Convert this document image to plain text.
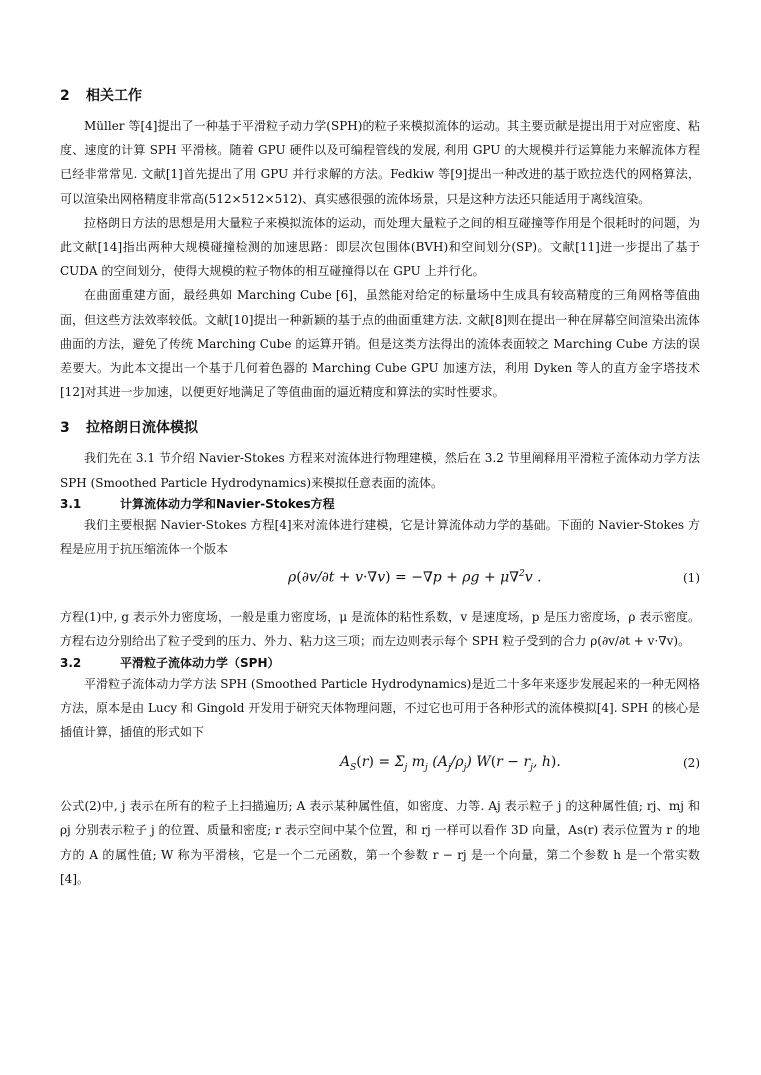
2	相关工作

Müller 等[4]提出了一种基于平滑粒子动力学(SPH)的粒子来模拟流体的运动。其主要贡献是提出用于对应密度、粘度、速度的计算 SPH 平滑核。随着 GPU 硬件以及可编程管线的发展, 利用 GPU 的大规模并行运算能力来解流体方程已经非常常见. 文献[1]首先提出了用 GPU 并行求解的方法。Fedkiw 等[9]提出一种改进的基于欧拉迭代的网格算法，可以渲染出网格精度非常高(512×512×512)、真实感很强的流体场景，只是这种方法还只能适用于离线渲染。

拉格朗日方法的思想是用大量粒子来模拟流体的运动，而处理大量粒子之间的相互碰撞等作用是个很耗时的问题，为此文献[14]指出两种大规模碰撞检测的加速思路：即层次包围体(BVH)和空间划分(SP)。文献[11]进一步提出了基于 CUDA 的空间划分，使得大规模的粒子物体的相互碰撞得以在 GPU 上并行化。

在曲面重建方面，最经典如 Marching Cube [6]，虽然能对给定的标量场中生成具有较高精度的三角网格等值曲面，但这些方法效率较低。文献[10]提出一种新颖的基于点的曲面重建方法. 文献[8]则在提出一种在屏幕空间渲染出流体曲面的方法，避免了传统 Marching Cube 的运算开销。但是这类方法得出的流体表面较之 Marching Cube 方法的误差要大。为此本文提出一个基于几何着色器的 Marching Cube GPU 加速方法，利用 Dyken 等人的直方金字塔技术[12]对其进一步加速，以便更好地满足了等值曲面的逼近精度和算法的实时性要求。

3	拉格朗日流体模拟

我们先在 3.1 节介绍 Navier-Stokes 方程来对流体进行物理建模，然后在 3.2 节里阐释用平滑粒子流体动力学方法 SPH (Smoothed Particle Hydrodynamics)来模拟任意表面的流体。

3.1	计算流体动力学和Navier-Stokes方程

我们主要根据 Navier-Stokes 方程[4]来对流体进行建模，它是计算流体动力学的基础。下面的 Navier-Stokes 方程是应用于抗压缩流体一个版本

ρ(∂v/∂t + v·∇v) = −∇p + ρg + μ∇$^2$v .	(1)

方程(1)中, g 表示外力密度场，一般是重力密度场，μ 是流体的粘性系数，v 是速度场，p 是压力密度场，ρ 表示密度。方程右边分别给出了粒子受到的压力、外力、粘力这三项；而左边则表示每个 SPH 粒子受到的合力 ρ(∂v/∂t + v·∇v)。

3.2	平滑粒子流体动力学（SPH）

平滑粒子流体动力学方法 SPH (Smoothed Particle Hydrodynamics)是近二十多年来逐步发展起来的一种无网格方法，原本是由 Lucy 和 Gingold 开发用于研究天体物理问题，不过它也可用于各种形式的流体模拟[4]. SPH 的核心是插值计算，插值的形式如下

$A_S(r) = \Sigma_j$ $m_j$ $(A_j/\rho_j) W(r - r_j$, h).	(2)

公式(2)中, j 表示在所有的粒子上扫描遍历; A 表示某种属性值，如密度、力等. Aj 表示粒子 j 的这种属性值; rj、mj 和 ρj 分别表示粒子 j 的位置、质量和密度; r 表示空间中某个位置，和 rj 一样可以看作 3D 向量，As(r) 表示位置为 r 的地方的 A 的属性值; W 称为平滑核，它是一个二元函数，第一个参数 r − rj 是一个向量，第二个参数 h 是一个常实数[4]。
